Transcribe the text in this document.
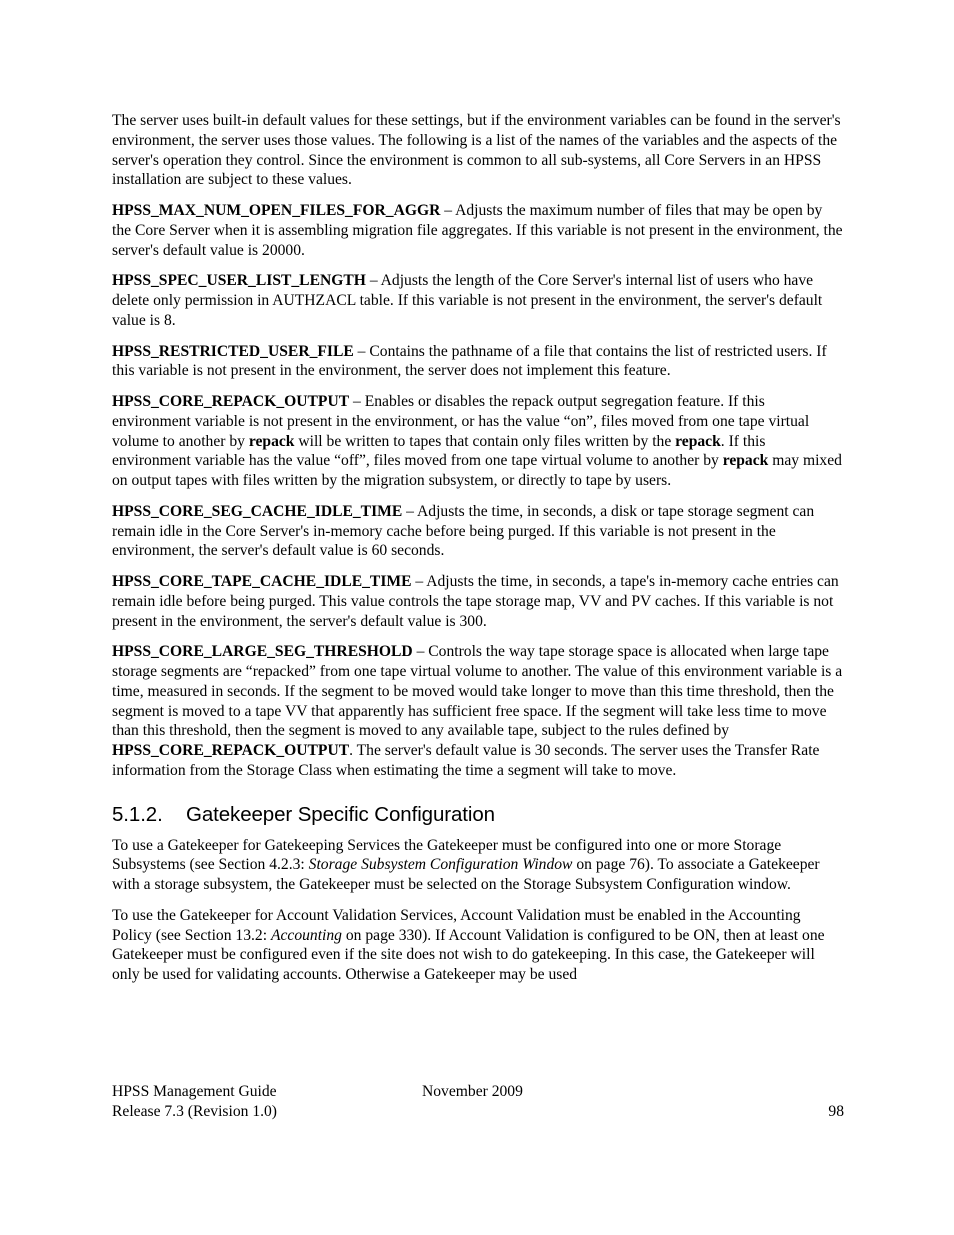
The server uses built-in default values for these settings, but if the environment variables can be found in the server's environment, the server uses those values. The following is a list of the names of the variables and the aspects of the server's operation they control. Since the environment is common to all sub-systems, all Core Servers in an HPSS installation are subject to these values.

HPSS_MAX_NUM_OPEN_FILES_FOR_AGGR – Adjusts the maximum number of files that may be open by the Core Server when it is assembling migration file aggregates. If this variable is not present in the environment, the server's default value is 20000.

HPSS_SPEC_USER_LIST_LENGTH – Adjusts the length of the Core Server's internal list of users who have delete only permission in AUTHZACL table. If this variable is not present in the environment, the server's default value is 8.

HPSS_RESTRICTED_USER_FILE – Contains the pathname of a file that contains the list of restricted users. If this variable is not present in the environment, the server does not implement this feature.

HPSS_CORE_REPACK_OUTPUT – Enables or disables the repack output segregation feature. If this environment variable is not present in the environment, or has the value “on”, files moved from one tape virtual volume to another by repack will be written to tapes that contain only files written by the repack. If this environment variable has the value “off”, files moved from one tape virtual volume to another by repack may mixed on output tapes with files written by the migration subsystem, or directly to tape by users.

HPSS_CORE_SEG_CACHE_IDLE_TIME – Adjusts the time, in seconds, a disk or tape storage segment can remain idle in the Core Server's in-memory cache before being purged. If this variable is not present in the environment, the server's default value is 60 seconds.

HPSS_CORE_TAPE_CACHE_IDLE_TIME – Adjusts the time, in seconds, a tape's in-memory cache entries can remain idle before being purged. This value controls the tape storage map, VV and PV caches. If this variable is not present in the environment, the server's default value is 300.

HPSS_CORE_LARGE_SEG_THRESHOLD – Controls the way tape storage space is allocated when large tape storage segments are “repacked” from one tape virtual volume to another. The value of this environment variable is a time, measured in seconds. If the segment to be moved would take longer to move than this time threshold, then the segment is moved to a tape VV that apparently has sufficient free space. If the segment will take less time to move than this threshold, then the segment is moved to any available tape, subject to the rules defined by HPSS_CORE_REPACK_OUTPUT. The server's default value is 30 seconds. The server uses the Transfer Rate information from the Storage Class when estimating the time a segment will take to move.

5.1.2. Gatekeeper Specific Configuration

To use a Gatekeeper for Gatekeeping Services the Gatekeeper must be configured into one or more Storage Subsystems (see Section 4.2.3: Storage Subsystem Configuration Window on page 76). To associate a Gatekeeper with a storage subsystem, the Gatekeeper must be selected on the Storage Subsystem Configuration window.

To use the Gatekeeper for Account Validation Services, Account Validation must be enabled in the Accounting Policy (see Section 13.2: Accounting on page 330). If Account Validation is configured to be ON, then at least one Gatekeeper must be configured even if the site does not wish to do gatekeeping. In this case, the Gatekeeper will only be used for validating accounts. Otherwise a Gatekeeper may be used

HPSS Management Guide	November 2009
Release 7.3 (Revision 1.0)	98
